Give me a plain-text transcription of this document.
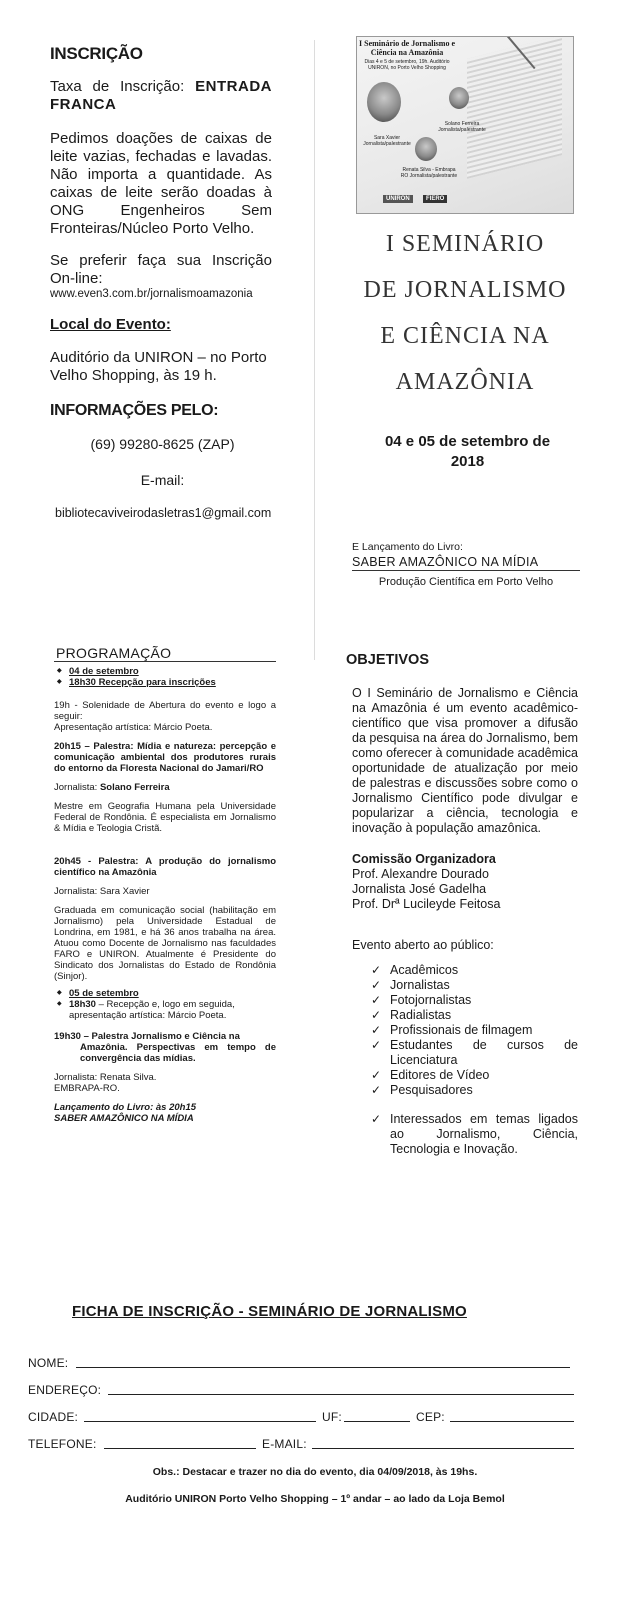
INSCRIÇÃO
Taxa de Inscrição: ENTRADA FRANCA
Pedimos doações de caixas de leite vazias, fechadas e lavadas. Não importa a quantidade. As caixas de leite serão doadas à ONG Engenheiros Sem Fronteiras/Núcleo Porto Velho.
Se preferir faça sua Inscrição On-line:
www.even3.com.br/jornalismoamazonia
Local do Evento:
Auditório da UNIRON – no Porto Velho Shopping, às 19 h.
INFORMAÇÕES PELO:
(69) 99280-8625 (ZAP)
E-mail:
bibliotecaviveirodasletras1@gmail.com
I Seminário de Jornalismo e Ciência na Amazônia
Dias 4 e 5 de setembro, 19h. Auditório UNIRON, no Porto Velho Shopping
Sara Xavier Jornalista/palestrante
Solano Ferreira Jornalista/palestrante
Renata Silva - Embrapa RO Jornalista/palestrante
UNIRON	FIERO
I SEMINÁRIO
DE JORNALISMO
E CIÊNCIA NA
AMAZÔNIA
04 e 05 de setembro de
2018
E Lançamento do Livro:
SABER AMAZÔNICO NA MÍDIA
Produção Científica em Porto Velho
PROGRAMAÇÃO
◆ 04 de setembro
◆ 18h30 Recepção para inscrições

19h - Solenidade de Abertura do evento e logo a seguir:
Apresentação artística: Márcio Poeta.

20h15 – Palestra: Mídia e natureza: percepção e comunicação ambiental dos produtores rurais do entorno da Floresta Nacional do Jamari/RO

Jornalista: Solano Ferreira

Mestre em Geografia Humana pela Universidade Federal de Rondônia. É especialista em Jornalismo & Mídia e Teologia Cristã.

20h45 - Palestra: A produção do jornalismo científico na Amazônia

Jornalista: Sara Xavier

Graduada em comunicação social (habilitação em Jornalismo) pela Universidade Estadual de Londrina, em 1981, e há 36 anos trabalha na área. Atuou como Docente de Jornalismo nas faculdades FARO e UNIRON. Atualmente é Presidente do Sindicato dos Jornalistas do Estado de Rondônia (Sinjor).

◆ 05 de setembro
◆ 18h30 – Recepção e, logo em seguida, apresentação artística: Márcio Poeta.
19h30 – Palestra Jornalismo e Ciência na

Amazônia. Perspectivas em tempo de convergência das mídias.

Jornalista: Renata Silva.

EMBRAPA-RO.

Lançamento do Livro: às 20h15
SABER AMAZÔNICO NA MÍDIA
OBJETIVOS

O I Seminário de Jornalismo e Ciência na Amazônia é um evento acadêmico-científico que visa promover a difusão da pesquisa na área do Jornalismo, bem como oferecer à comunidade acadêmica oportunidade de atualização por meio de palestras e discussões sobre como o Jornalismo Científico pode divulgar e popularizar a ciência, tecnologia e inovação à população amazônica.

Comissão Organizadora
Prof. Alexandre Dourado
Jornalista José Gadelha
Prof. Drª Lucileyde Feitosa
Evento aberto ao público:

✓ Acadêmicos

✓ Jornalistas

✓ Fotojornalistas

✓ Radialistas

✓ Profissionais de filmagem

✓ Estudantes de cursos de Licenciatura

✓ Editores de Vídeo

✓ Pesquisadores

✓ Interessados em temas ligados ao Jornalismo, Ciência, Tecnologia e Inovação.

FICHA DE INSCRIÇÃO - SEMINÁRIO DE JORNALISMO
NOME:
ENDEREÇO:
CIDADE:	UF:	CEP:
TELEFONE:	E-MAIL:
Obs.: Destacar e trazer no dia do evento, dia 04/09/2018, às 19hs.
Auditório UNIRON Porto Velho Shopping – 1º andar – ao lado da Loja Bemol
